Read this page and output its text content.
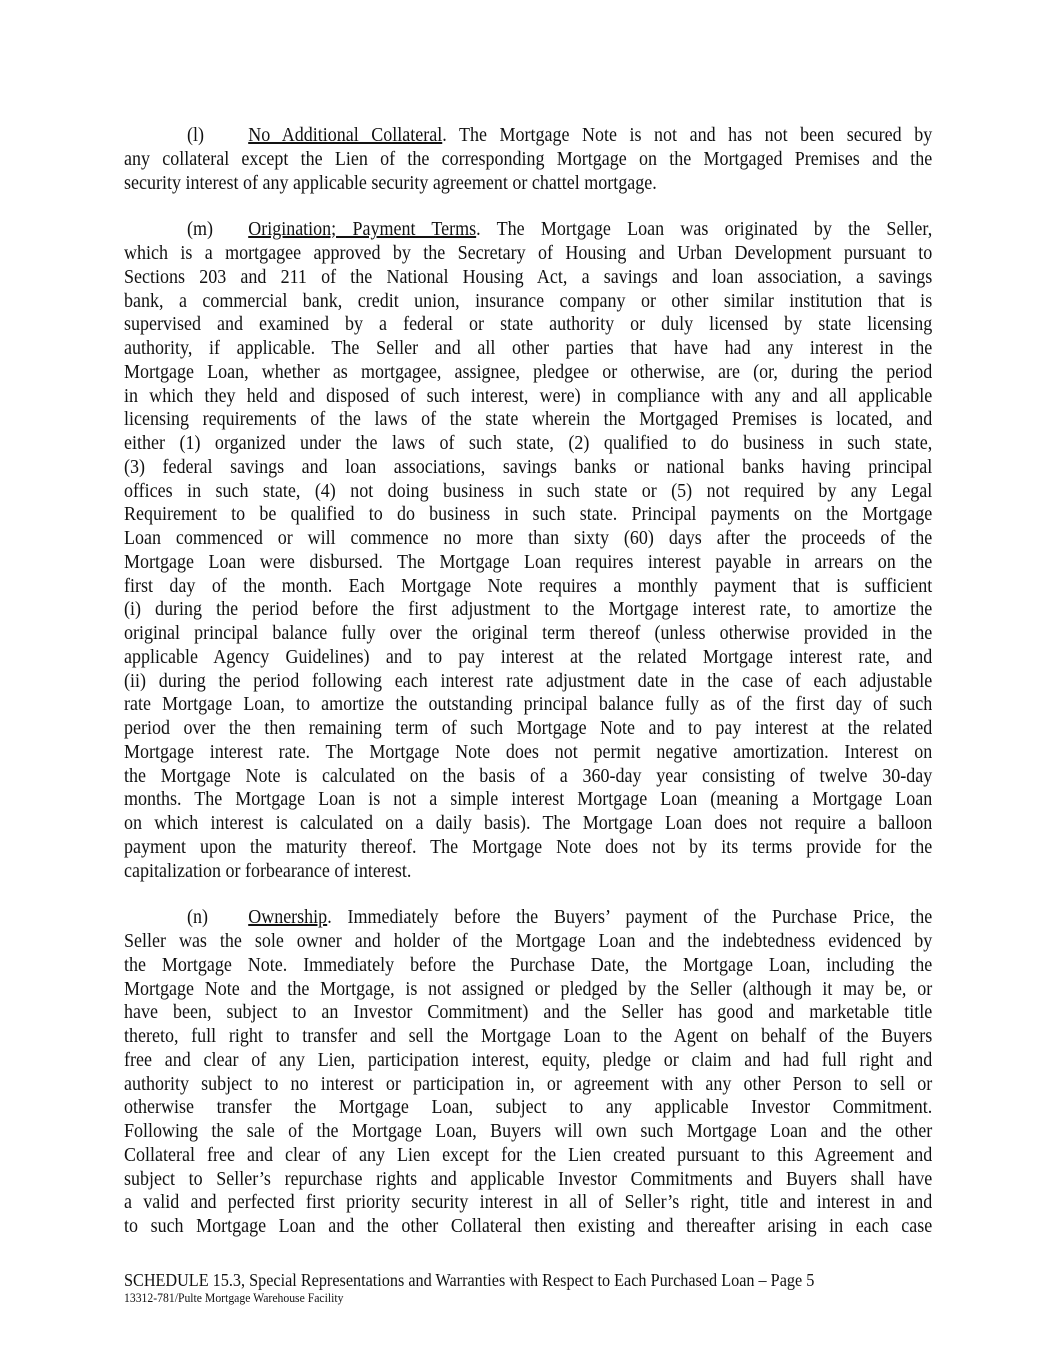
(l) No Additional Collateral. The Mortgage Note is not and has not been secured by
any collateral except the Lien of the corresponding Mortgage on the Mortgaged Premises and the
security interest of any applicable security agreement or chattel mortgage.
(m) Origination; Payment Terms. The Mortgage Loan was originated by the Seller,
which is a mortgagee approved by the Secretary of Housing and Urban Development pursuant to
Sections 203 and 211 of the National Housing Act, a savings and loan association, a savings
bank, a commercial bank, credit union, insurance company or other similar institution that is
supervised and examined by a federal or state authority or duly licensed by state licensing
authority, if applicable. The Seller and all other parties that have had any interest in the
Mortgage Loan, whether as mortgagee, assignee, pledgee or otherwise, are (or, during the period
in which they held and disposed of such interest, were) in compliance with any and all applicable
licensing requirements of the laws of the state wherein the Mortgaged Premises is located, and
either (1) organized under the laws of such state, (2) qualified to do business in such state,
(3) federal savings and loan associations, savings banks or national banks having principal
offices in such state, (4) not doing business in such state or (5) not required by any Legal
Requirement to be qualified to do business in such state. Principal payments on the Mortgage
Loan commenced or will commence no more than sixty (60) days after the proceeds of the
Mortgage Loan were disbursed. The Mortgage Loan requires interest payable in arrears on the
first day of the month. Each Mortgage Note requires a monthly payment that is sufficient
(i) during the period before the first adjustment to the Mortgage interest rate, to amortize the
original principal balance fully over the original term thereof (unless otherwise provided in the
applicable Agency Guidelines) and to pay interest at the related Mortgage interest rate, and
(ii) during the period following each interest rate adjustment date in the case of each adjustable
rate Mortgage Loan, to amortize the outstanding principal balance fully as of the first day of such
period over the then remaining term of such Mortgage Note and to pay interest at the related
Mortgage interest rate. The Mortgage Note does not permit negative amortization. Interest on
the Mortgage Note is calculated on the basis of a 360-day year consisting of twelve 30-day
months. The Mortgage Loan is not a simple interest Mortgage Loan (meaning a Mortgage Loan
on which interest is calculated on a daily basis). The Mortgage Loan does not require a balloon
payment upon the maturity thereof. The Mortgage Note does not by its terms provide for the
capitalization or forbearance of interest.
(n) Ownership. Immediately before the Buyers’ payment of the Purchase Price, the
Seller was the sole owner and holder of the Mortgage Loan and the indebtedness evidenced by
the Mortgage Note. Immediately before the Purchase Date, the Mortgage Loan, including the
Mortgage Note and the Mortgage, is not assigned or pledged by the Seller (although it may be, or
have been, subject to an Investor Commitment) and the Seller has good and marketable title
thereto, full right to transfer and sell the Mortgage Loan to the Agent on behalf of the Buyers
free and clear of any Lien, participation interest, equity, pledge or claim and had full right and
authority subject to no interest or participation in, or agreement with any other Person to sell or
otherwise transfer the Mortgage Loan, subject to any applicable Investor Commitment.
Following the sale of the Mortgage Loan, Buyers will own such Mortgage Loan and the other
Collateral free and clear of any Lien except for the Lien created pursuant to this Agreement and
subject to Seller’s repurchase rights and applicable Investor Commitments and Buyers shall have
a valid and perfected first priority security interest in all of Seller’s right, title and interest in and
to such Mortgage Loan and the other Collateral then existing and thereafter arising in each case
SCHEDULE 15.3, Special Representations and Warranties with Respect to Each Purchased Loan – Page 5
13312-781/Pulte Mortgage Warehouse Facility
